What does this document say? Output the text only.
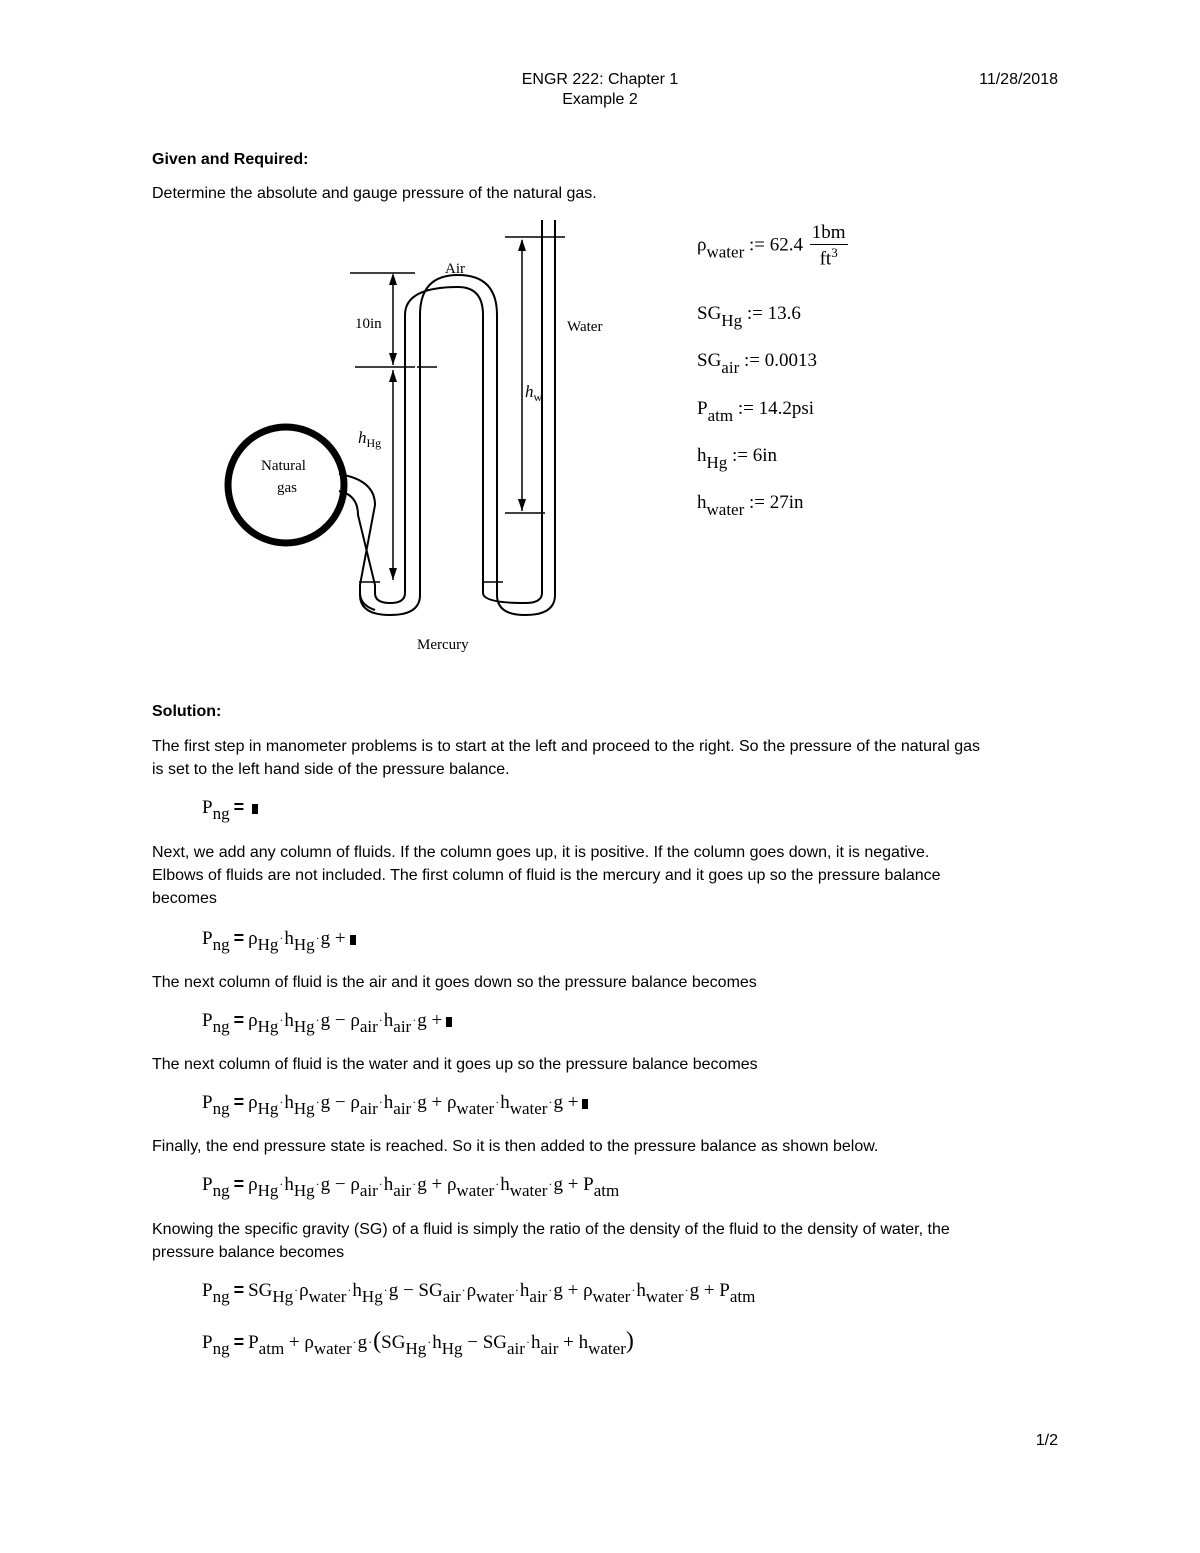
ENGR 222: Chapter 1
Example 2
11/28/2018
Given and Required:
Determine the absolute and gauge pressure of the natural gas.
Air
Water
Mercury
Natural
gas
10in
$h_w$
$h_{Hg}$
$\rho_{water}$ := $62.4 \frac{1bm}{ft^3}$
$SG_{Hg}$ := 13.6
$SG_{air}$ := 0.0013
$P_{atm}$ := 14.2psi
$h_{Hg}$ := 6in
$h_{water}$ := 27in
Solution:
The first step in manometer problems is to start at the left and proceed to the right. So the pressure of the natural gas is set to the left hand side of the pressure balance.
$P_{ng}$ =
Next, we add any column of fluids. If the column goes up, it is positive. If the column goes down, it is negative. Elbows of fluids are not included. The first column of fluid is the mercury and it goes up so the pressure balance becomes
$P_{ng} = \rho_{Hg}\cdot h_{Hg}\cdot g$ +
The next column of fluid is the air and it goes down so the pressure balance becomes
$P_{ng} = \rho_{Hg}\cdot h_{Hg}\cdot g - \rho_{air}\cdot h_{air}\cdot g$ +
The next column of fluid is the water and it goes up so the pressure balance becomes
$P_{ng} = \rho_{Hg}\cdot h_{Hg}\cdot g - \rho_{air}\cdot h_{air}\cdot g + \rho_{water}\cdot h_{water}\cdot g$ +
Finally, the end pressure state is reached. So it is then added to the pressure balance as shown below.
$P_{ng} = \rho_{Hg}\cdot h_{Hg}\cdot g - \rho_{air}\cdot h_{air}\cdot g + \rho_{water}\cdot h_{water}\cdot g + P_{atm}$
Knowing the specific gravity (SG) of a fluid is simply the ratio of the density of the fluid to the density of water, the pressure balance becomes
$P_{ng} = SG_{Hg}\cdot\rho_{water}\cdot h_{Hg}\cdot g - SG_{air}\cdot\rho_{water}\cdot h_{air}\cdot g + \rho_{water}\cdot h_{water}\cdot g + P_{atm}$
$P_{ng} = P_{atm} + \rho_{water}\cdot g\cdot(SG_{Hg}\cdot h_{Hg} - SG_{air}\cdot h_{air} + h_{water})$
1/2
